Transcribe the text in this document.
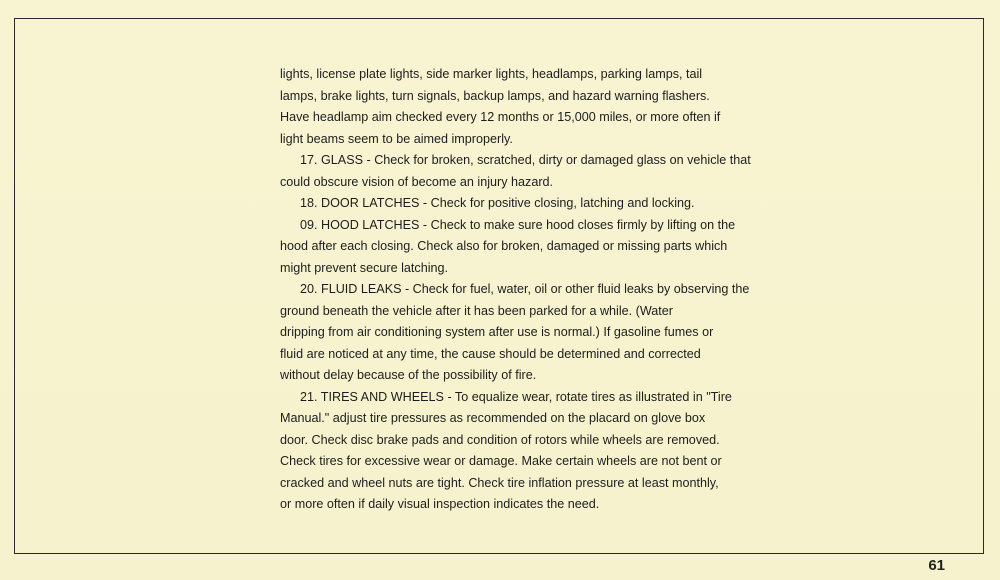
lights, license plate lights, side marker lights, headlamps, parking lamps, tail
lamps, brake lights, turn signals, backup lamps, and hazard warning flashers.
Have headlamp aim checked every 12 months or 15,000 miles, or more often if
light beams seem to be aimed improperly.
17. GLASS - Check for broken, scratched, dirty or damaged glass on vehicle that
could obscure vision of become an injury hazard.
18. DOOR LATCHES - Check for positive closing, latching and locking.
09. HOOD LATCHES - Check to make sure hood closes firmly by lifting on the
hood after each closing. Check also for broken, damaged or missing parts which
might prevent secure latching.
20. FLUID LEAKS - Check for fuel, water, oil or other fluid leaks by observing the
ground beneath the vehicle after it has been parked for a while. (Water
dripping from air conditioning system after use is normal.) If gasoline fumes or
fluid are noticed at any time, the cause should be determined and corrected
without delay because of the possibility of fire.
21. TIRES AND WHEELS - To equalize wear, rotate tires as illustrated in "Tire
Manual." adjust tire pressures as recommended on the placard on glove box
door. Check disc brake pads and condition of rotors while wheels are removed.
Check tires for excessive wear or damage. Make certain wheels are not bent or
cracked and wheel nuts are tight. Check tire inflation pressure at least monthly,
or more often if daily visual inspection indicates the need.
61
